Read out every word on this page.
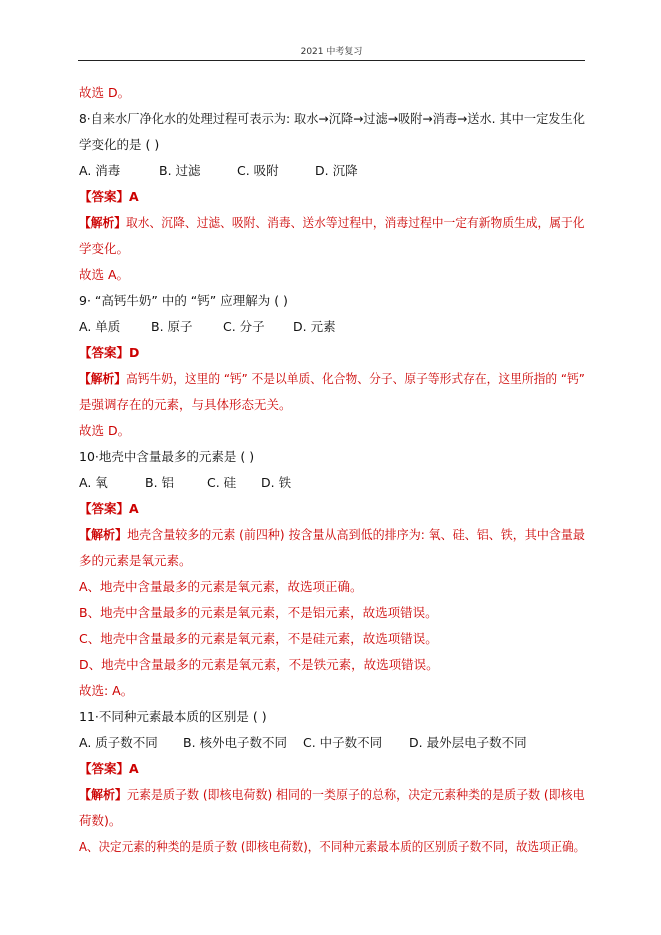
2021 中考复习
故选 D。
8·自来水厂净化水的处理过程可表示为: 取水→沉降→过滤→吸附→消毒→送水. 其中一定发生化
学变化的是 ( )
A. 消毒	B. 过滤	C. 吸附	D. 沉降
【答案】A
【解析】取水、沉降、过滤、吸附、消毒、送水等过程中，消毒过程中一定有新物质生成，属于化
学变化。
故选 A。
9· “高钙牛奶” 中的 “钙” 应理解为 ( )
A. 单质 B. 原子 C. 分子 D. 元素
【答案】D
【解析】高钙牛奶，这里的 “钙” 不是以单质、化合物、分子、原子等形式存在，这里所指的 “钙”
是强调存在的元素，与具体形态无关。
故选 D。
10·地壳中含量最多的元素是 ( )
A. 氧	B. 铝	C. 硅 D. 铁
【答案】A
【解析】地壳含量较多的元素 (前四种) 按含量从高到低的排序为: 氧、硅、铝、铁，其中含量最
多的元素是氧元素。
A、地壳中含量最多的元素是氧元素，故选项正确。
B、地壳中含量最多的元素是氧元素，不是铝元素，故选项错误。
C、地壳中含量最多的元素是氧元素，不是硅元素，故选项错误。
D、地壳中含量最多的元素是氧元素，不是铁元素，故选项错误。
故选: A。
11·不同种元素最本质的区别是 ( )
A. 质子数不同 B. 核外电子数不同 C. 中子数不同 D. 最外层电子数不同
【答案】A
【解析】元素是质子数 (即核电荷数) 相同的一类原子的总称，决定元素种类的是质子数 (即核电
荷数)。
A、决定元素的种类的是质子数 (即核电荷数)，不同种元素最本质的区别质子数不同，故选项正确。
